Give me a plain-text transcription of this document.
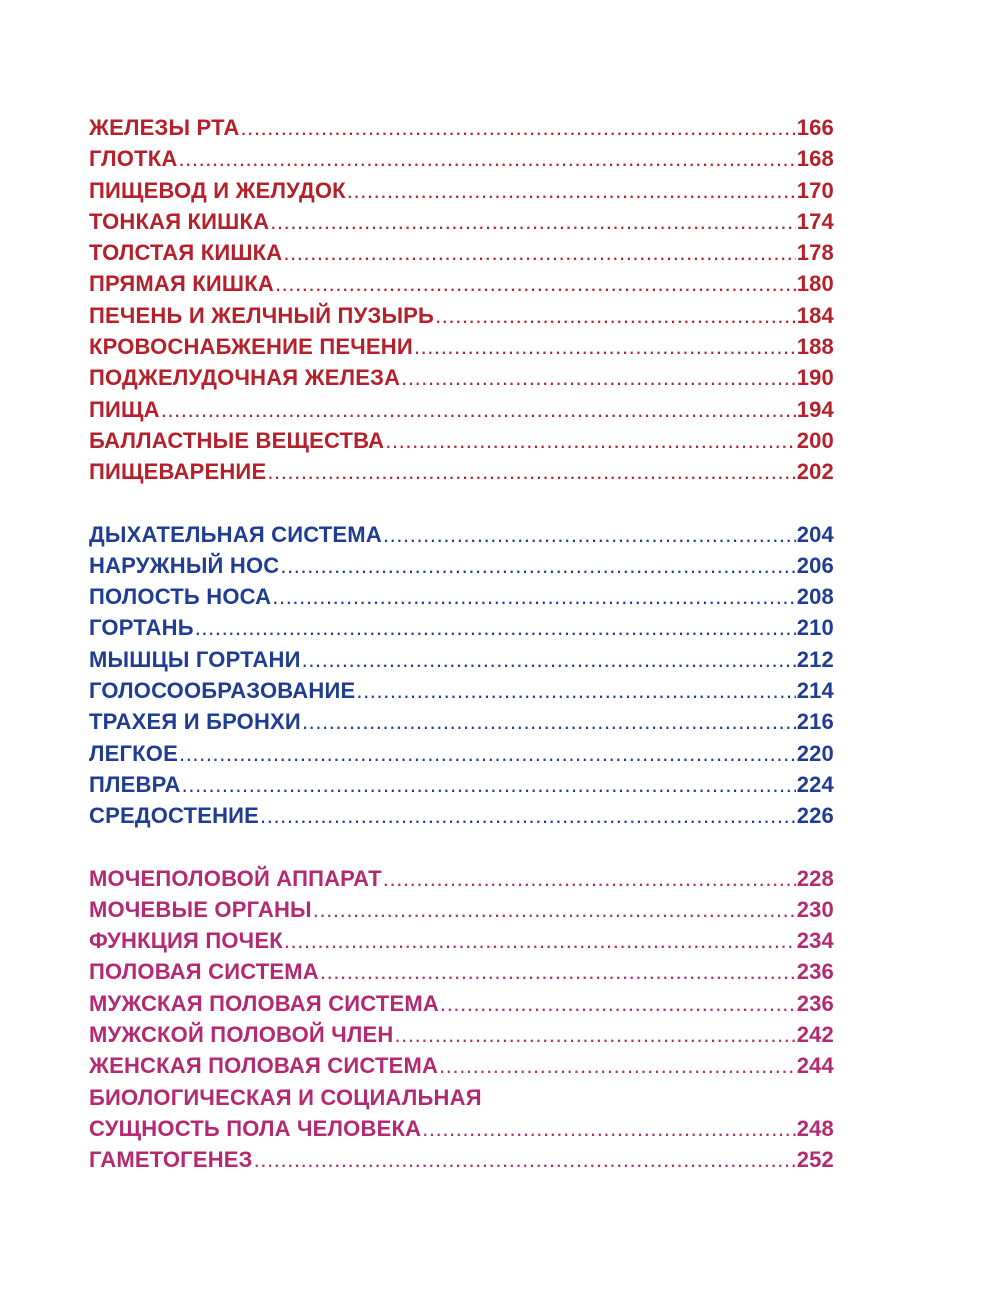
ЖЕЛЕЗЫ РТА .....	166
ГЛОТКА .....	168
ПИЩЕВОД И ЖЕЛУДОК .....	170
ТОНКАЯ КИШКА .....	174
ТОЛСТАЯ КИШКА .....	178
ПРЯМАЯ КИШКА .....	180
ПЕЧЕНЬ И ЖЕЛЧНЫЙ ПУЗЫРЬ .....	184
КРОВОСНАБЖЕНИЕ ПЕЧЕНИ .....	188
ПОДЖЕЛУДОЧНАЯ ЖЕЛЕЗА .....	190
ПИЩА .....	194
БАЛЛАСТНЫЕ ВЕЩЕСТВА .....	200
ПИЩЕВАРЕНИЕ .....	202
ДЫХАТЕЛЬНАЯ СИСТЕМА .....	204
НАРУЖНЫЙ НОС .....	206
ПОЛОСТЬ НОСА .....	208
ГОРТАНЬ .....	210
МЫШЦЫ ГОРТАНИ .....	212
ГОЛОСООБРАЗОВАНИЕ .....	214
ТРАХЕЯ И БРОНХИ .....	216
ЛЕГКОЕ .....	220
ПЛЕВРА .....	224
СРЕДОСТЕНИЕ .....	226
МОЧЕПОЛОВОЙ АППАРАТ .....	228
МОЧЕВЫЕ ОРГАНЫ .....	230
ФУНКЦИЯ ПОЧЕК .....	234
ПОЛОВАЯ СИСТЕМА .....	236
МУЖСКАЯ ПОЛОВАЯ СИСТЕМА .....	236
МУЖСКОЙ ПОЛОВОЙ ЧЛЕН .....	242
ЖЕНСКАЯ ПОЛОВАЯ СИСТЕМА .....	244
БИОЛОГИЧЕСКАЯ И СОЦИАЛЬНАЯ
СУЩНОСТЬ ПОЛА ЧЕЛОВЕКА .....	248
ГАМЕТОГЕНЕЗ .....	252
